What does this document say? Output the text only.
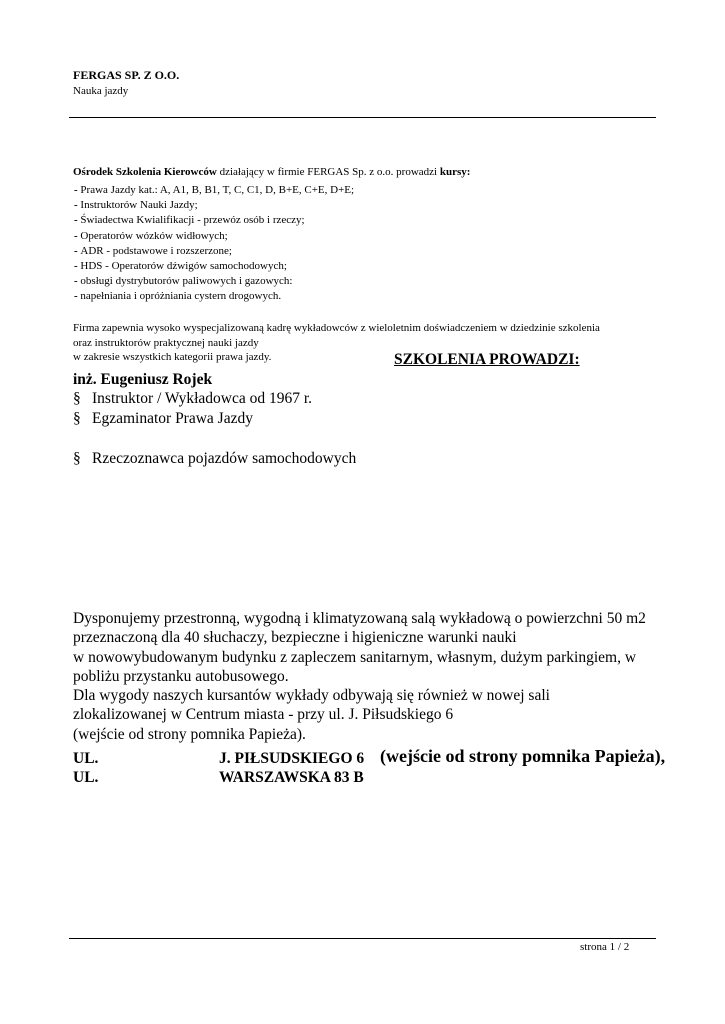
FERGAS SP. Z O.O.
Nauka jazdy
Ośrodek Szkolenia Kierowców działający w firmie FERGAS Sp. z o.o. prowadzi kursy:
- Prawa Jazdy kat.: A, A1, B, B1, T, C, C1, D, B+E, C+E, D+E;
- Instruktorów Nauki Jazdy;
- Świadectwa Kwialifikacji - przewóz osób i rzeczy;
- Operatorów wózków widłowych;
- ADR - podstawowe i rozszerzone;
- HDS - Operatorów dźwigów samochodowych;
- obsługi dystrybutorów paliwowych i gazowych:
- napełniania i opróżniania cystern drogowych.
Firma zapewnia wysoko wyspecjalizowaną kadrę wykładowców z wieloletnim doświadczeniem w dziedzinie szkolenia
oraz instruktorów praktycznej nauki jazdy
w zakresie wszystkich kategorii prawa jazdy.	SZKOLENIA PROWADZI:
inż. Eugeniusz Rojek
§ Instruktor / Wykładowca od 1967 r.
§ Egzaminator Prawa Jazdy
§ Rzeczoznawca pojazdów samochodowych
Dysponujemy przestronną, wygodną i klimatyzowaną salą wykładową o powierzchni 50 m2
przeznaczoną dla 40 słuchaczy, bezpieczne i higieniczne warunki nauki
w nowowybudowanym budynku z zapleczem sanitarnym, własnym, dużym parkingiem, w
pobliżu przystanku autobusowego.
Dla wygody naszych kursantów wykłady odbywają się również w nowej sali
zlokalizowanej w Centrum miasta - przy ul. J. Piłsudskiego 6
(wejście od strony pomnika Papieża).
UL.	J. PIŁSUDSKIEGO 6 (wejście od strony pomnika Papieża),
UL.	WARSZAWSKA 83 B
strona 1 / 2
